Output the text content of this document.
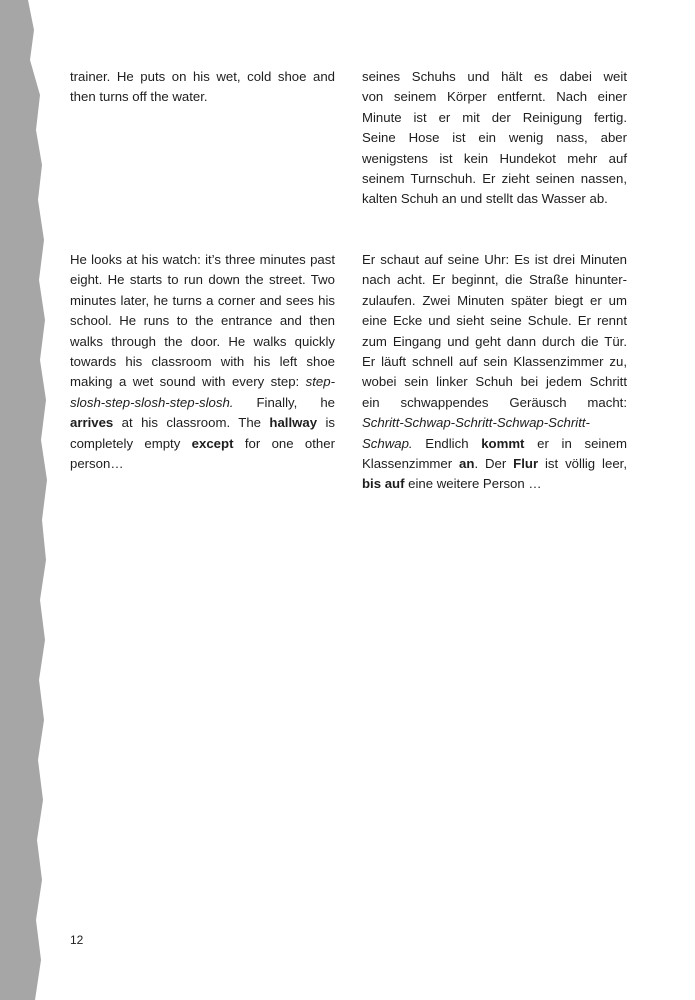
trainer. He puts on his wet, cold shoe and then turns off the water.

seines Schuhs und hält es dabei weit
von seinem Körper entfernt. Nach einer
Minute ist er mit der Reinigung fertig.
Seine Hose ist ein wenig nass, aber
wenigstens ist kein Hundekot mehr auf
seinem Turnschuh. Er zieht seinen nassen,
kalten Schuh an und stellt das Wasser ab.

He looks at his watch: it’s three minutes past eight. He starts to run down the street. Two minutes later, he turns a corner and sees his school. He runs to the entrance and then walks through the door. He walks quickly towards his classroom with his left shoe making a wet sound with every step: step-slosh-step-slosh-step-slosh. Finally, he arrives at his classroom. The hallway is completely empty except for one other person…

Er schaut auf seine Uhr: Es ist drei Minuten
nach acht. Er beginnt, die Straße hinunter-
zulaufen. Zwei Minuten später biegt er um
eine Ecke und sieht seine Schule. Er rennt
zum Eingang und geht dann durch die Tür.
Er läuft schnell auf sein Klassenzimmer zu,
wobei sein linker Schuh bei jedem Schritt
ein schwappendes Geräusch macht:
Schritt-Schwap-Schritt-Schwap-Schritt-
Schwap. Endlich kommt er in seinem
Klassenzimmer an. Der Flur ist völlig leer,
bis auf eine weitere Person …
12
